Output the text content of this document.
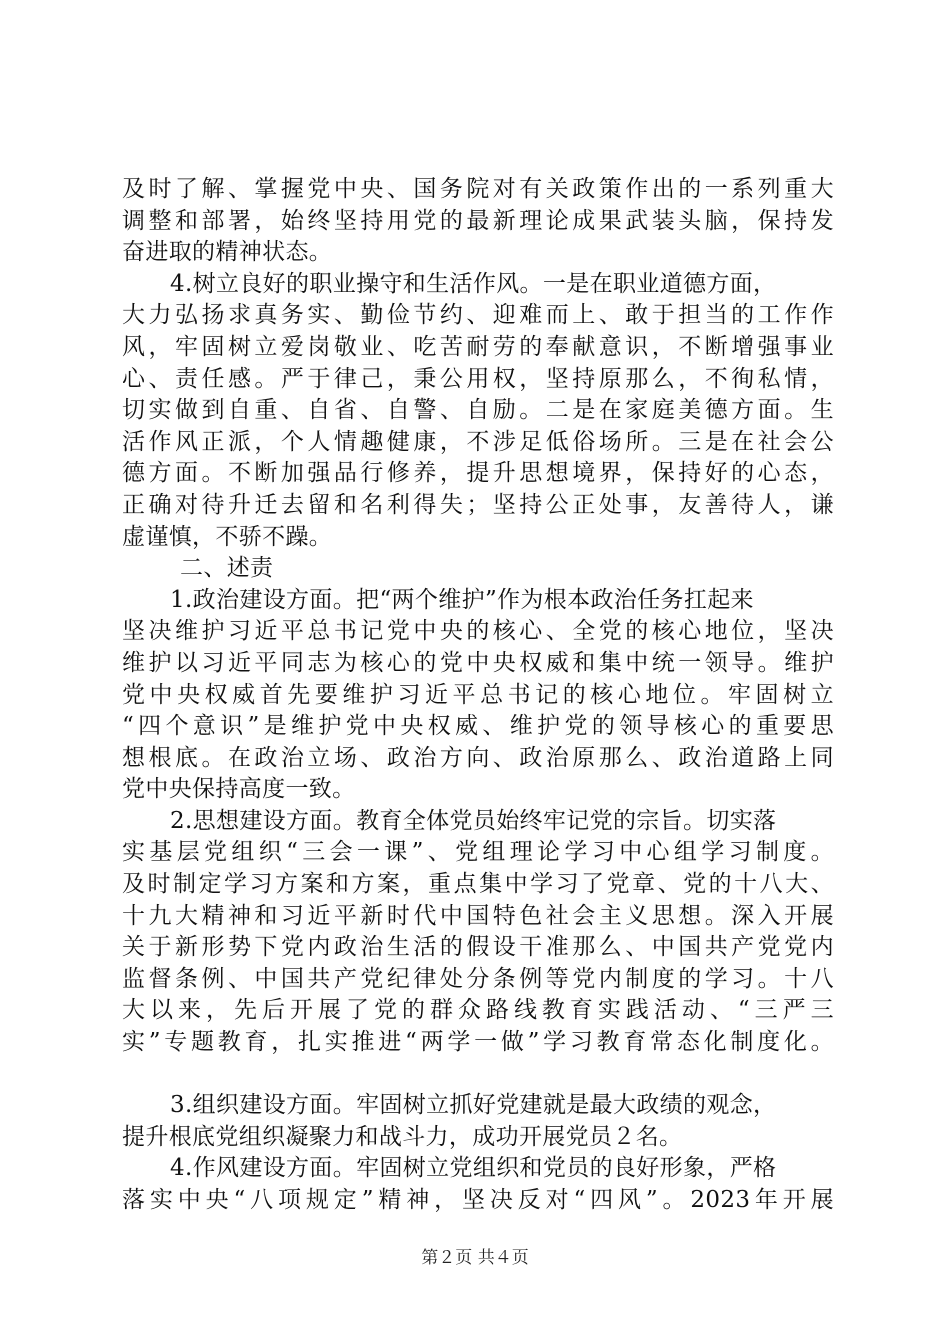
及时了解、掌握党中央、国务院对有关政策作出的一系列重大
调整和部署，始终坚持用党的最新理论成果武装头脑，保持发
奋进取的精神状态。
4.树立良好的职业操守和生活作风。一是在职业道德方面，
大力弘扬求真务实、勤俭节约、迎难而上、敢于担当的工作作
风，牢固树立爱岗敬业、吃苦耐劳的奉献意识，不断增强事业
心、责任感。严于律己，秉公用权，坚持原那么，不徇私情，
切实做到自重、自省、自警、自励。二是在家庭美德方面。生
活作风正派，个人情趣健康，不涉足低俗场所。三是在社会公
德方面。不断加强品行修养，提升思想境界，保持好的心态，
正确对待升迁去留和名利得失；坚持公正处事，友善待人，谦
虚谨慎，不骄不躁。
二、述责
1.政治建设方面。把“两个维护”作为根本政治任务扛起来
坚决维护习近平总书记党中央的核心、全党的核心地位，坚决
维护以习近平同志为核心的党中央权威和集中统一领导。维护
党中央权威首先要维护习近平总书记的核心地位。牢固树立
“四个意识”是维护党中央权威、维护党的领导核心的重要思
想根底。在政治立场、政治方向、政治原那么、政治道路上同
党中央保持高度一致。
2.思想建设方面。教育全体党员始终牢记党的宗旨。切实落
实基层党组织“三会一课”、党组理论学习中心组学习制度。
及时制定学习方案和方案，重点集中学习了党章、党的十八大、
十九大精神和习近平新时代中国特色社会主义思想。深入开展
关于新形势下党内政治生活的假设干准那么、中国共产党党内
监督条例、中国共产党纪律处分条例等党内制度的学习。十八
大以来，先后开展了党的群众路线教育实践活动、“三严三
实”专题教育，扎实推进“两学一做”学习教育常态化制度化。
3.组织建设方面。牢固树立抓好党建就是最大政绩的观念，
提升根底党组织凝聚力和战斗力，成功开展党员２名。
4.作风建设方面。牢固树立党组织和党员的良好形象，严格
落实中央“八项规定”精神，坚决反对“四风”。2023年开展
第２页 共４页
